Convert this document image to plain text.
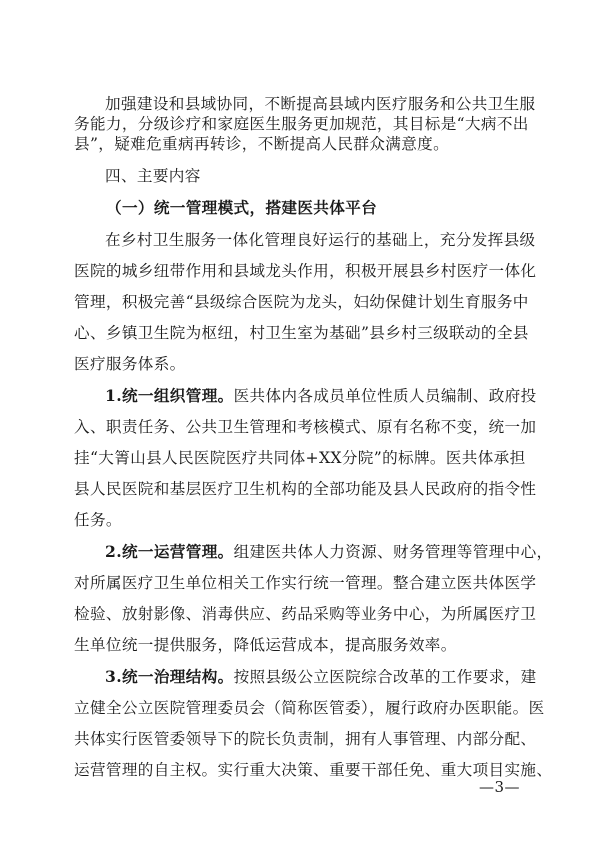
加强建设和县域协同，不断提高县域内医疗服务和公共卫生服
务能力，分级诊疗和家庭医生服务更加规范，其目标是“大病不出
县”，疑难危重病再转诊，不断提高人民群众满意度。
四、主要内容
（一）统一管理模式，搭建医共体平台
在乡村卫生服务一体化管理良好运行的基础上，充分发挥县级
医院的城乡纽带作用和县域龙头作用，积极开展县乡村医疗一体化
管理，积极完善“县级综合医院为龙头，妇幼保健计划生育服务中
心、乡镇卫生院为枢纽，村卫生室为基础”县乡村三级联动的全县
医疗服务体系。
1.统一组织管理。医共体内各成员单位性质人员编制、政府投
入、职责任务、公共卫生管理和考核模式、原有名称不变，统一加
挂“大箐山县人民医院医疗共同体+XX分院”的标牌。医共体承担
县人民医院和基层医疗卫生机构的全部功能及县人民政府的指令性
任务。
2.统一运营管理。组建医共体人力资源、财务管理等管理中心，
对所属医疗卫生单位相关工作实行统一管理。整合建立医共体医学
检验、放射影像、消毒供应、药品采购等业务中心，为所属医疗卫
生单位统一提供服务，降低运营成本，提高服务效率。
3.统一治理结构。按照县级公立医院综合改革的工作要求，建
立健全公立医院管理委员会（简称医管委），履行政府办医职能。医
共体实行医管委领导下的院长负责制，拥有人事管理、内部分配、
运营管理的自主权。实行重大决策、重要干部任免、重大项目实施、
—3—
